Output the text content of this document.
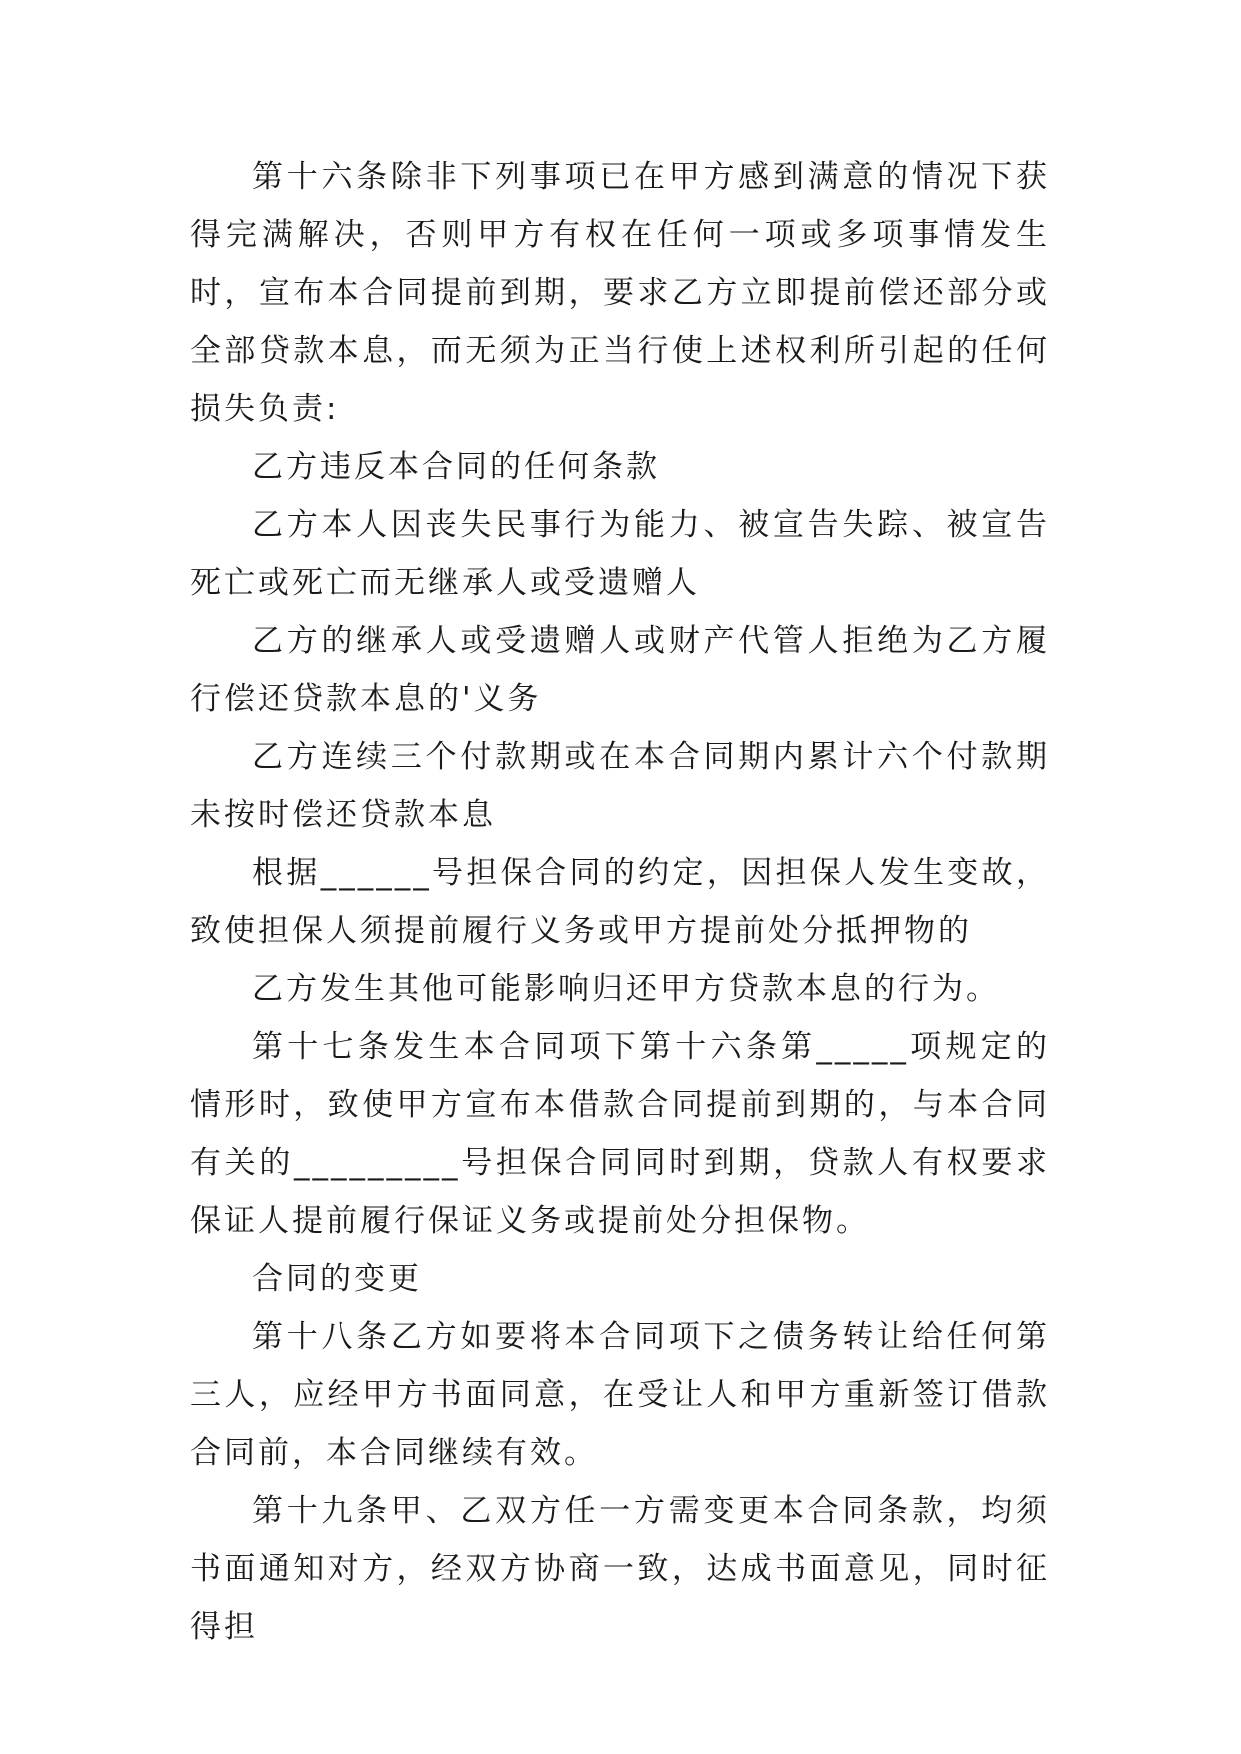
第十六条除非下列事项已在甲方感到满意的情况下获得完满解决，否则甲方有权在任何一项或多项事情发生时，宣布本合同提前到期，要求乙方立即提前偿还部分或全部贷款本息，而无须为正当行使上述权利所引起的任何损失负责:

乙方违反本合同的任何条款

乙方本人因丧失民事行为能力、被宣告失踪、被宣告死亡或死亡而无继承人或受遗赠人

乙方的继承人或受遗赠人或财产代管人拒绝为乙方履行偿还贷款本息的'义务

乙方连续三个付款期或在本合同期内累计六个付款期未按时偿还贷款本息

根据______号担保合同的约定，因担保人发生变故，致使担保人须提前履行义务或甲方提前处分抵押物的

乙方发生其他可能影响归还甲方贷款本息的行为。

第十七条发生本合同项下第十六条第_____项规定的情形时，致使甲方宣布本借款合同提前到期的，与本合同有关的_________号担保合同同时到期，贷款人有权要求保证人提前履行保证义务或提前处分担保物。

合同的变更

第十八条乙方如要将本合同项下之债务转让给任何第三人，应经甲方书面同意，在受让人和甲方重新签订借款合同前，本合同继续有效。

第十九条甲、乙双方任一方需变更本合同条款，均须书面通知对方，经双方协商一致，达成书面意见，同时征得担
